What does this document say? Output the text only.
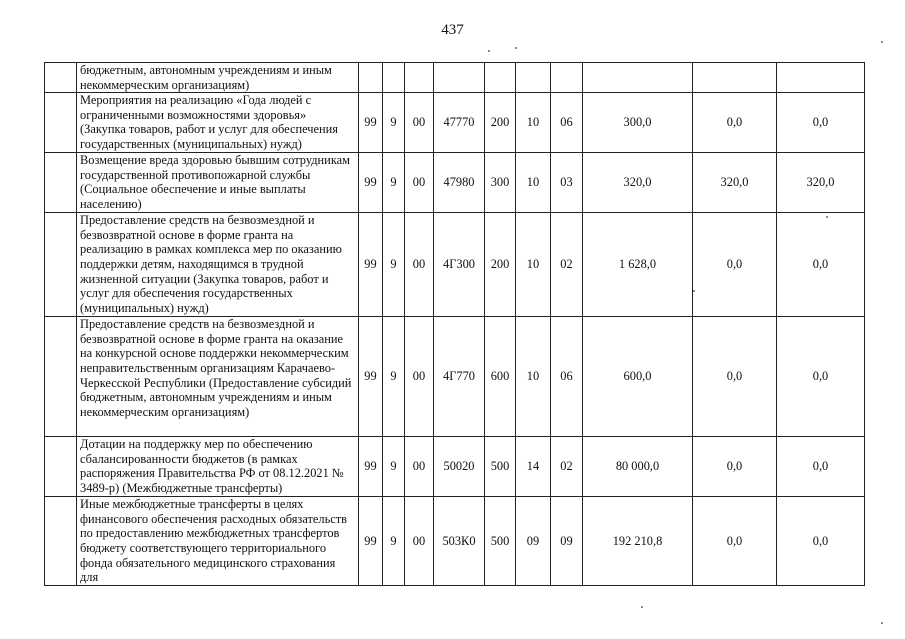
437
	бюджетным, автономным учреждениям и иным некоммерческим организациям)										
	Мероприятия на реализацию «Года людей с ограниченными возможностями здоровья» (Закупка товаров, работ и услуг для обеспечения государственных (муниципальных) нужд)	99	9	00	47770	200	10	06	300,0	0,0	0,0
	Возмещение вреда здоровью бывшим сотрудникам государственной противопожарной службы (Социальное обеспечение и иные выплаты населению)	99	9	00	47980	300	10	03	320,0	320,0	320,0
	Предоставление средств на безвозмездной и безвозвратной основе в форме гранта на реализацию в рамках комплекса мер по оказанию поддержки детям, находящимся в трудной жизненной ситуации (Закупка товаров, работ и услуг для обеспечения государственных (муниципальных) нужд)	99	9	00	4Г300	200	10	02	1 628,0	0,0	0,0
	Предоставление средств на безвозмездной и безвозвратной основе в форме гранта на оказание на конкурсной основе поддержки некоммерческим неправительственным организациям Карачаево-Черкесской Республики (Предоставление субсидий бюджетным, автономным учреждениям и иным некоммерческим организациям)	99	9	00	4Г770	600	10	06	600,0	0,0	0,0
	Дотации на поддержку мер по обеспечению сбалансированности бюджетов (в рамках распоряжения Правительства РФ от 08.12.2021 № 3489-р) (Межбюджетные трансферты)	99	9	00	50020	500	14	02	80 000,0	0,0	0,0
	Иные межбюджетные трансферты в целях финансового обеспечения расходных обязательств по предоставлению межбюджетных трансфертов бюджету соответствующего территориального фонда обязательного медицинского страхования для	99	9	00	503К0	500	09	09	192 210,8	0,0	0,0
